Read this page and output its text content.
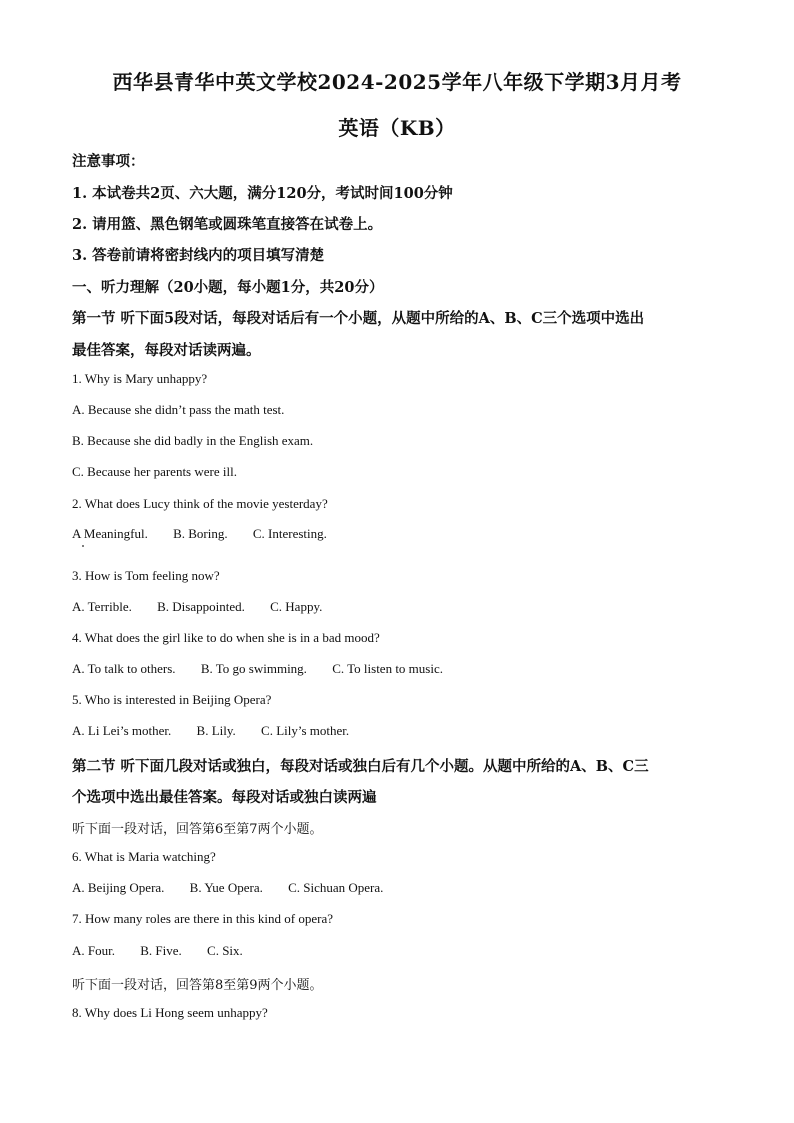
西华县青华中英文学校2024-2025学年八年级下学期3月月考
英语（KB）
注意事项：
1. 本试卷共2页、六大题，满分120分，考试时间100分钟
2. 请用篮、黑色钢笔或圆珠笔直接答在试卷上。
3. 答卷前请将密封线内的项目填写清楚
一、听力理解（20小题，每小题1分，共20分）
第一节 听下面5段对话，每段对话后有一个小题，从题中所给的A、B、C三个选项中选出
最佳答案，每段对话读两遍。
1. Why is Mary unhappy?
A. Because she didn’t pass the math test.
B. Because she did badly in the English exam.
C. Because her parents were ill.
2. What does Lucy think of the movie yesterday?
A Meaningful. B. Boring. C. Interesting.
3. How is Tom feeling now?
A. Terrible. B. Disappointed. C. Happy.
4. What does the girl like to do when she is in a bad mood?
A. To talk to others. B. To go swimming. C. To listen to music.
5. Who is interested in Beijing Opera?
A. Li Lei’s mother. B. Lily. C. Lily’s mother.
第二节 听下面几段对话或独白，每段对话或独白后有几个小题。从题中所给的A、B、C三
个选项中选出最佳答案。每段对话或独白读两遍
听下面一段对话，回答第6至第7两个小题。
6. What is Maria watching?
A. Beijing Opera. B. Yue Opera. C. Sichuan Opera.
7. How many roles are there in this kind of opera?
A. Four. B. Five. C. Six.
听下面一段对话，回答第8至第9两个小题。
8. Why does Li Hong seem unhappy?
